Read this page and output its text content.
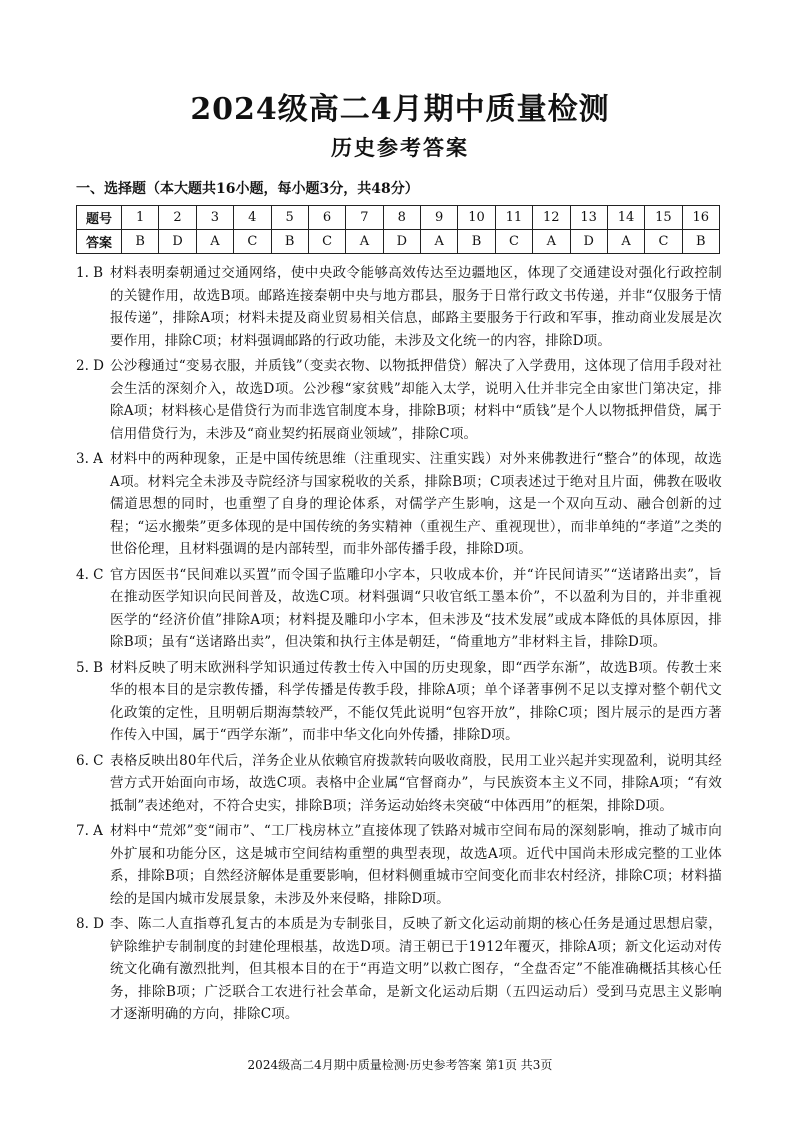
2024级高二4月期中质量检测
历史参考答案
一、选择题（本大题共16小题，每小题3分，共48分）
题号	1	2	3	4	5	6	7	8	9	10	11	12	13	14	15	16
答案	B	D	A	C	B	C	A	D	A	B	C	A	D	A	C	B
1. B 材料表明秦朝通过交通网络，使中央政令能够高效传达至边疆地区，体现了交通建设对强化行政控制的关键作用，故选B项。邮路连接秦朝中央与地方郡县，服务于日常行政文书传递，并非“仅服务于情报传递”，排除A项；材料未提及商业贸易相关信息，邮路主要服务于行政和军事，推动商业发展是次要作用，排除C项；材料强调邮路的行政功能，未涉及文化统一的内容，排除D项。
2. D 公沙穆通过“变易衣服，并质钱”（变卖衣物、以物抵押借贷）解决了入学费用，这体现了信用手段对社会生活的深刻介入，故选D项。公沙穆“家贫贱”却能入太学，说明入仕并非完全由家世门第决定，排除A项；材料核心是借贷行为而非选官制度本身，排除B项；材料中“质钱”是个人以物抵押借贷，属于信用借贷行为，未涉及“商业契约拓展商业领域”，排除C项。
3. A 材料中的两种现象，正是中国传统思维（注重现实、注重实践）对外来佛教进行“整合”的体现，故选A项。材料完全未涉及寺院经济与国家税收的关系，排除B项；C项表述过于绝对且片面，佛教在吸收儒道思想的同时，也重塑了自身的理论体系，对儒学产生影响，这是一个双向互动、融合创新的过程；“运水搬柴”更多体现的是中国传统的务实精神（重视生产、重视现世），而非单纯的“孝道”之类的世俗伦理，且材料强调的是内部转型，而非外部传播手段，排除D项。
4. C 官方因医书“民间难以买置”而令国子监雕印小字本，只收成本价，并“许民间请买”“送诸路出卖”，旨在推动医学知识向民间普及，故选C项。材料强调“只收官纸工墨本价”，不以盈利为目的，并非重视医学的“经济价值”排除A项；材料提及雕印小字本，但未涉及“技术发展”或成本降低的具体原因，排除B项；虽有“送诸路出卖”，但决策和执行主体是朝廷，“倚重地方”非材料主旨，排除D项。
5. B 材料反映了明末欧洲科学知识通过传教士传入中国的历史现象，即“西学东渐”，故选B项。传教士来华的根本目的是宗教传播，科学传播是传教手段，排除A项；单个译著事例不足以支撑对整个朝代文化政策的定性，且明朝后期海禁较严，不能仅凭此说明“包容开放”，排除C项；图片展示的是西方著作传入中国，属于“西学东渐”，而非中华文化向外传播，排除D项。
6. C 表格反映出80年代后，洋务企业从依赖官府拨款转向吸收商股，民用工业兴起并实现盈利，说明其经营方式开始面向市场，故选C项。表格中企业属“官督商办”，与民族资本主义不同，排除A项；“有效抵制”表述绝对，不符合史实，排除B项；洋务运动始终未突破“中体西用”的框架，排除D项。
7. A 材料中“荒郊”变“闹市”、“工厂栈房林立”直接体现了铁路对城市空间布局的深刻影响，推动了城市向外扩展和功能分区，这是城市空间结构重塑的典型表现，故选A项。近代中国尚未形成完整的工业体系，排除B项；自然经济解体是重要影响，但材料侧重城市空间变化而非农村经济，排除C项；材料描绘的是国内城市发展景象，未涉及外来侵略，排除D项。
8. D 李、陈二人直指尊孔复古的本质是为专制张目，反映了新文化运动前期的核心任务是通过思想启蒙，铲除维护专制制度的封建伦理根基，故选D项。清王朝已于1912年覆灭，排除A项；新文化运动对传统文化确有激烈批判，但其根本目的在于“再造文明”以救亡图存，“全盘否定”不能准确概括其核心任务，排除B项；广泛联合工农进行社会革命，是新文化运动后期（五四运动后）受到马克思主义影响才逐渐明确的方向，排除C项。
2024级高二4月期中质量检测·历史参考答案 第1页 共3页
